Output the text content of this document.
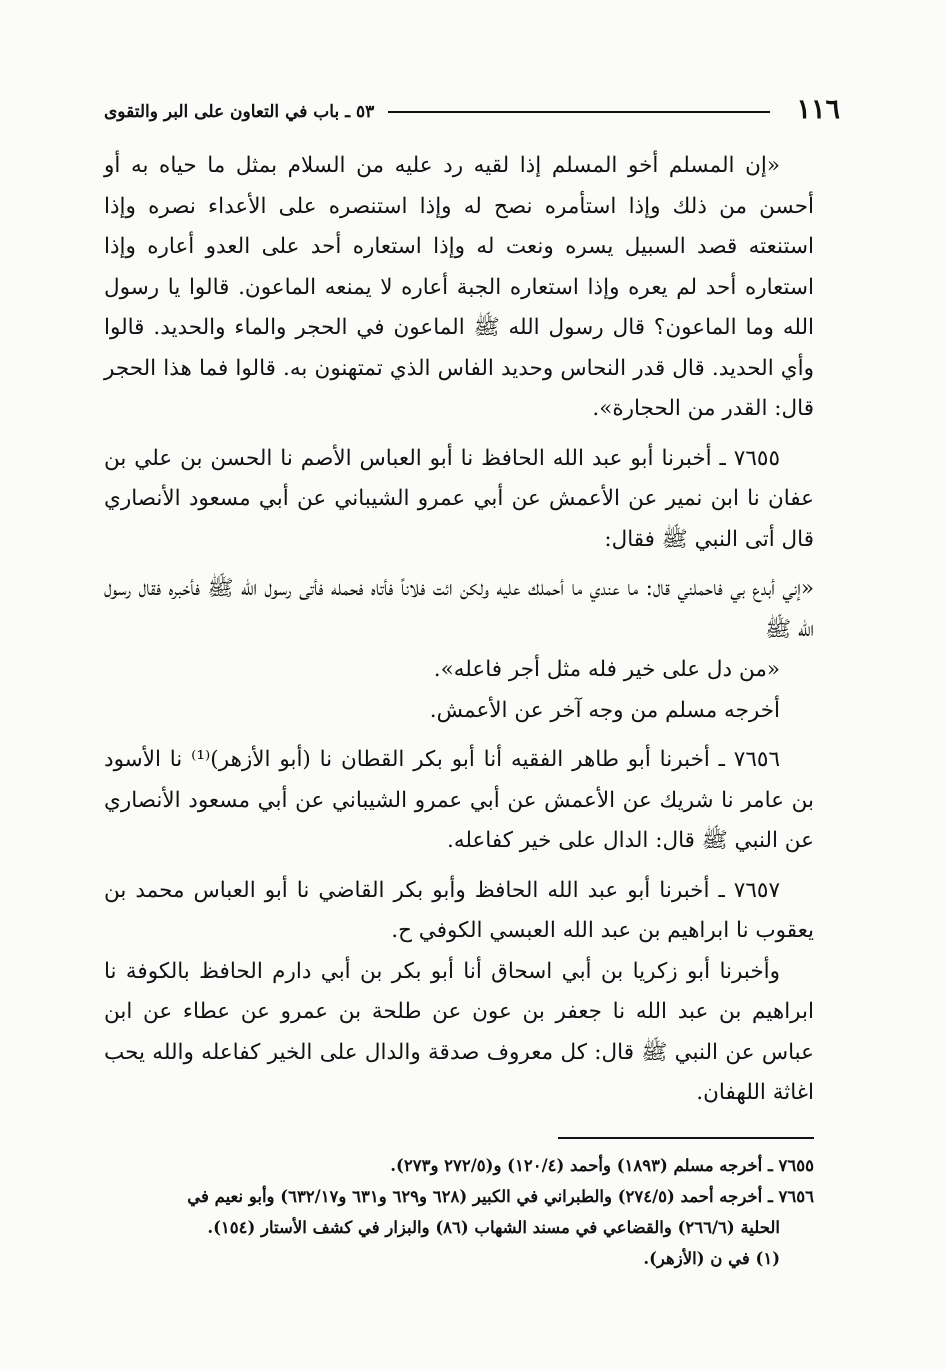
١١٦
٥٣ ـ باب في التعاون على البر والتقوى

«إن المسلم أخو المسلم إذا لقيه رد عليه من السلام بمثل ما حياه به أو أحسن من ذلك وإذا استأمره نصح له وإذا استنصره على الأعداء نصره وإذا استنعته قصد السبيل يسره ونعت له وإذا استعاره أحد على العدو أعاره وإذا استعاره أحد لم يعره وإذا استعاره الجبة أعاره لا يمنعه الماعون. قالوا يا رسول الله وما الماعون؟ قال رسول الله ﷺ الماعون في الحجر والماء والحديد. قالوا وأي الحديد. قال قدر النحاس وحديد الفاس الذي تمتهنون به. قالوا فما هذا الحجر قال: القدر من الحجارة».

٧٦٥٥ ـ أخبرنا أبو عبد الله الحافظ نا أبو العباس الأصم نا الحسن بن علي بن عفان نا ابن نمير عن الأعمش عن أبي عمرو الشيباني عن أبي مسعود الأنصاري قال أتى النبي ﷺ فقال:

«إني أبدع بي فاحملني قال: ما عندي ما أحملك عليه ولكن ائت فلاناً فأتاه فحمله فأتى رسول الله ﷺ فأخبره فقال رسول الله ﷺ

«من دل على خير فله مثل أجر فاعله».

أخرجه مسلم من وجه آخر عن الأعمش.

٧٦٥٦ ـ أخبرنا أبو طاهر الفقيه أنا أبو بكر القطان نا (أبو الأزهر)⁽¹⁾ نا الأسود بن عامر نا شريك عن الأعمش عن أبي عمرو الشيباني عن أبي مسعود الأنصاري عن النبي ﷺ قال: الدال على خير كفاعله.

٧٦٥٧ ـ أخبرنا أبو عبد الله الحافظ وأبو بكر القاضي نا أبو العباس محمد بن يعقوب نا ابراهيم بن عبد الله العبسي الكوفي ح.

وأخبرنا أبو زكريا بن أبي اسحاق أنا أبو بكر بن أبي دارم الحافظ بالكوفة نا ابراهيم بن عبد الله نا جعفر بن عون عن طلحة بن عمرو عن عطاء عن ابن عباس عن النبي ﷺ قال: كل معروف صدقة والدال على الخير كفاعله والله يحب اغاثة اللهفان.

٧٦٥٥ ـ أخرجه مسلم (١٨٩٣) وأحمد (١٢٠/٤) و(٢٧٢/٥ و٢٧٣).

٧٦٥٦ ـ أخرجه أحمد (٢٧٤/٥) والطبراني في الكبير (٦٢٨ و٦٢٩ و٦٣١ و٦٣٢/١٧) وأبو نعيم في

الحلية (٢٦٦/٦) والقضاعي في مسند الشهاب (٨٦) والبزار في كشف الأستار (١٥٤).

(١) في ن (الأزهر).
